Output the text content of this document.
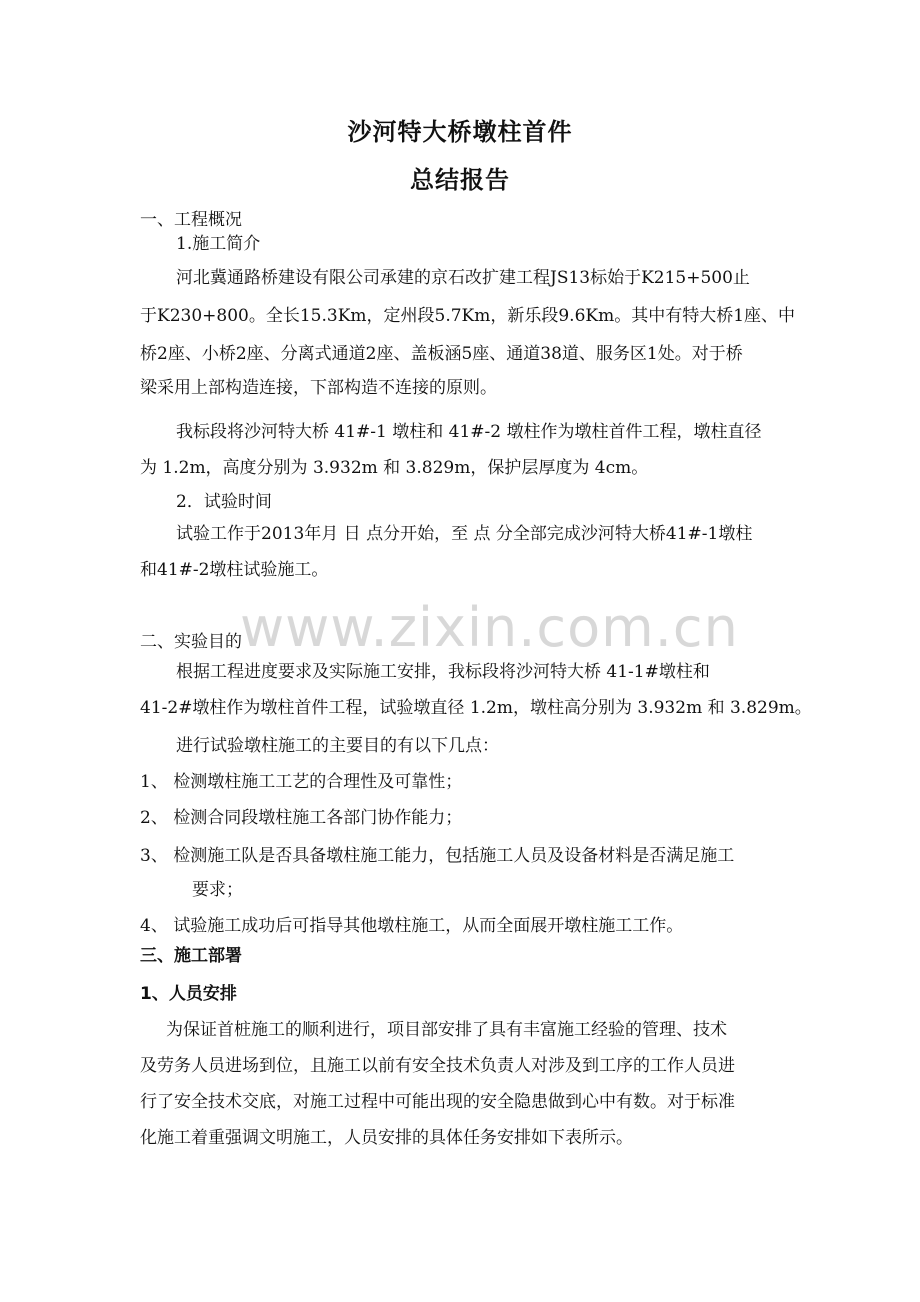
www.zixin.com.cn
沙河特大桥墩柱首件
总结报告
一、工程概况
1.施工简介
河北冀通路桥建设有限公司承建的京石改扩建工程JS13标始于K215+500止
于K230+800。全长15.3Km，定州段5.7Km，新乐段9.6Km。其中有特大桥1座、中
桥2座、小桥2座、分离式通道2座、盖板涵5座、通道38道、服务区1处。对于桥
梁采用上部构造连接，下部构造不连接的原则。
我标段将沙河特大桥 41#-1 墩柱和 41#-2 墩柱作为墩柱首件工程，墩柱直径
为 1.2m，高度分别为 3.932m 和 3.829m，保护层厚度为 4cm。
2．试验时间
试验工作于2013年月 日 点分开始，至 点 分全部完成沙河特大桥41#-1墩柱
和41#-2墩柱试验施工。
二、实验目的
根据工程进度要求及实际施工安排，我标段将沙河特大桥 41-1#墩柱和
41-2#墩柱作为墩柱首件工程，试验墩直径 1.2m，墩柱高分别为 3.932m 和 3.829m。
进行试验墩柱施工的主要目的有以下几点：
1、 检测墩柱施工工艺的合理性及可靠性；
2、 检测合同段墩柱施工各部门协作能力；
3、 检测施工队是否具备墩柱施工能力，包括施工人员及设备材料是否满足施工
要求；
4、 试验施工成功后可指导其他墩柱施工，从而全面展开墩柱施工工作。
三、施工部署
1、人员安排
为保证首桩施工的顺利进行，项目部安排了具有丰富施工经验的管理、技术
及劳务人员进场到位，且施工以前有安全技术负责人对涉及到工序的工作人员进
行了安全技术交底，对施工过程中可能出现的安全隐患做到心中有数。对于标准
化施工着重强调文明施工，人员安排的具体任务安排如下表所示。
